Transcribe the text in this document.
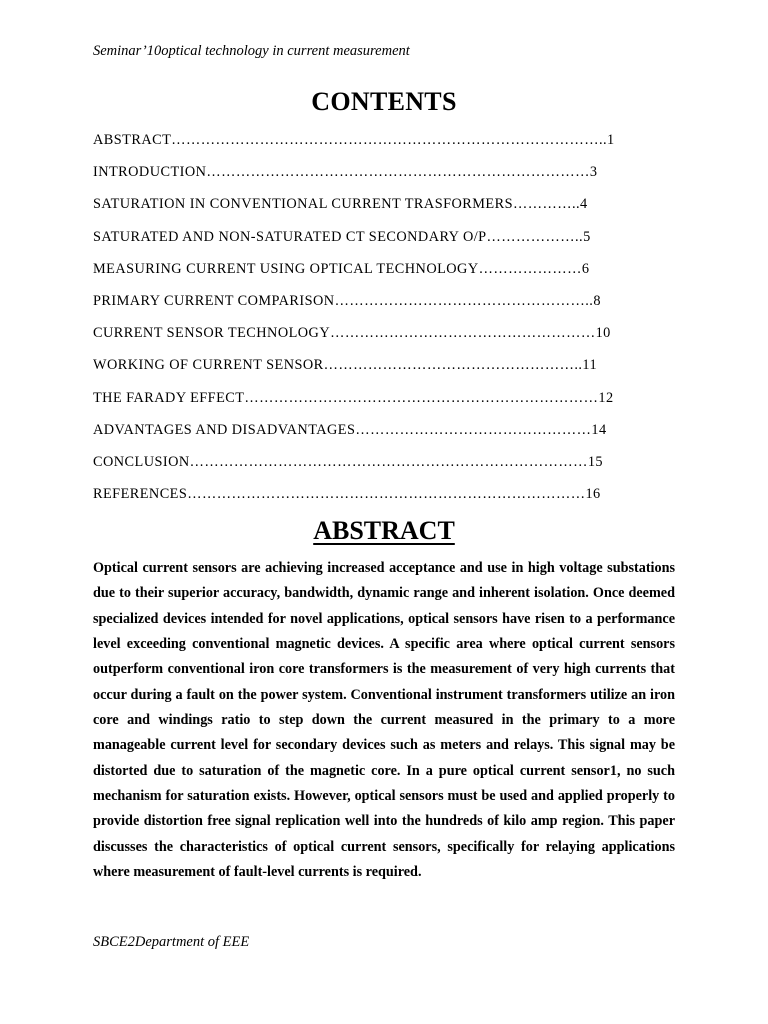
Seminar’10optical technology in current measurement
CONTENTS
ABSTRACT……………………………………………………………………………..1
INTRODUCTION……………………………………………………………………3
SATURATION IN CONVENTIONAL CURRENT TRASFORMERS…………..4
SATURATED AND NON-SATURATED CT SECONDARY O/P………………..5
MEASURING CURRENT USING OPTICAL TECHNOLOGY…………………6
PRIMARY CURRENT COMPARISON……………………………………………..8
CURRENT SENSOR TECHNOLOGY………………………………………………10
WORKING OF CURRENT SENSOR……………………………………………..11
THE FARADY EFFECT………………………………………………………………12
ADVANTAGES AND DISADVANTAGES…………………………………………14
CONCLUSION………………………………………………………………………15
REFERENCES………………………………………………………………………16
ABSTRACT

Optical current sensors are achieving increased acceptance and use in high voltage substations due to their superior accuracy, bandwidth, dynamic range and inherent isolation. Once deemed specialized devices intended for novel applications, optical sensors have risen to a performance level exceeding conventional magnetic devices. A specific area where optical current sensors outperform conventional iron core transformers is the measurement of very high currents that occur during a fault on the power system. Conventional instrument transformers utilize an iron core and windings ratio to step down the current measured in the primary to a more manageable current level for secondary devices such as meters and relays. This signal may be distorted due to saturation of the magnetic core. In a pure optical current sensor1, no such mechanism for saturation exists. However, optical sensors must be used and applied properly to provide distortion free signal replication well into the hundreds of kilo amp region. This paper discusses the characteristics of optical current sensors, specifically for relaying applications where measurement of fault-level currents is required.

SBCE2Department of EEE
